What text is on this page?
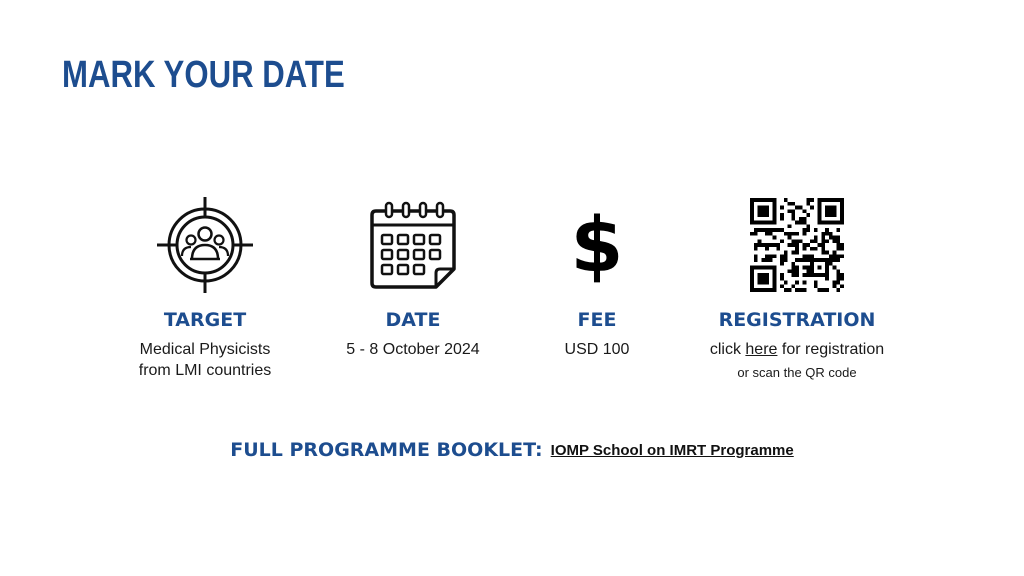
MARK YOUR DATE
TARGET
Medical Physicists
from LMI countries
DATE
5 - 8 October 2024
$
FEE
USD 100
REGISTRATION
click here for registration
or scan the QR code
FULL PROGRAMME BOOKLET: IOMP School on IMRT Programme
